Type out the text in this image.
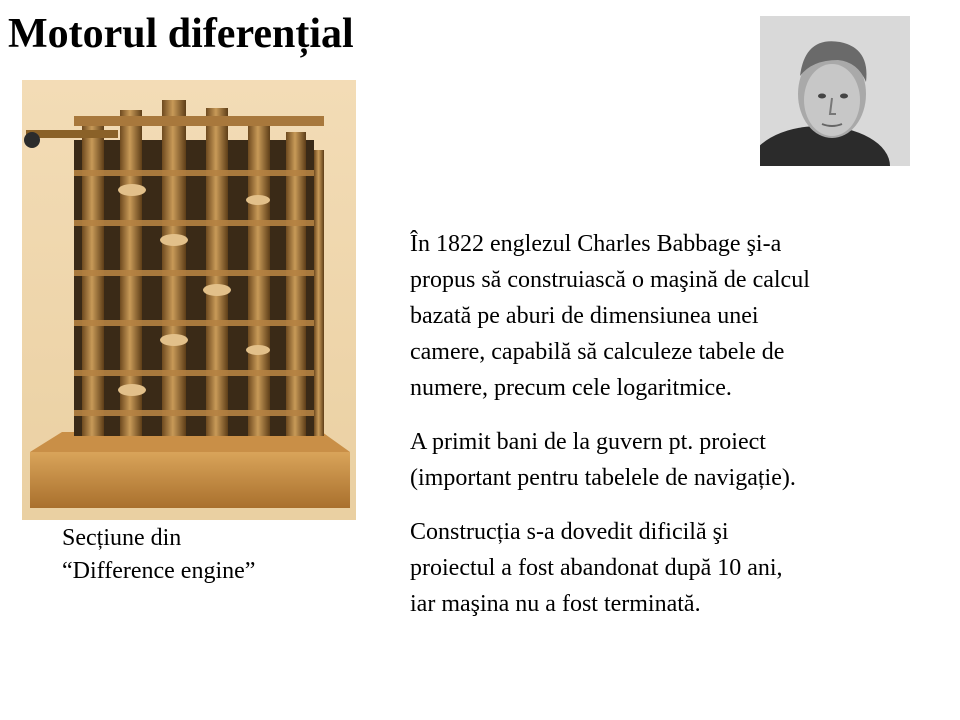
Motorul diferențial
Secțiune din
“Difference engine”

În 1822 englezul Charles Babbage şi-a
propus să construiască o maşină de calcul
bazată pe aburi de dimensiunea unei
camere, capabilă să calculeze tabele de
numere, precum cele logaritmice.

A primit bani de la guvern pt. proiect
(important pentru tabelele de navigație).

Construcția s-a dovedit dificilă şi
proiectul a fost abandonat după 10 ani,
iar maşina nu a fost terminată.
